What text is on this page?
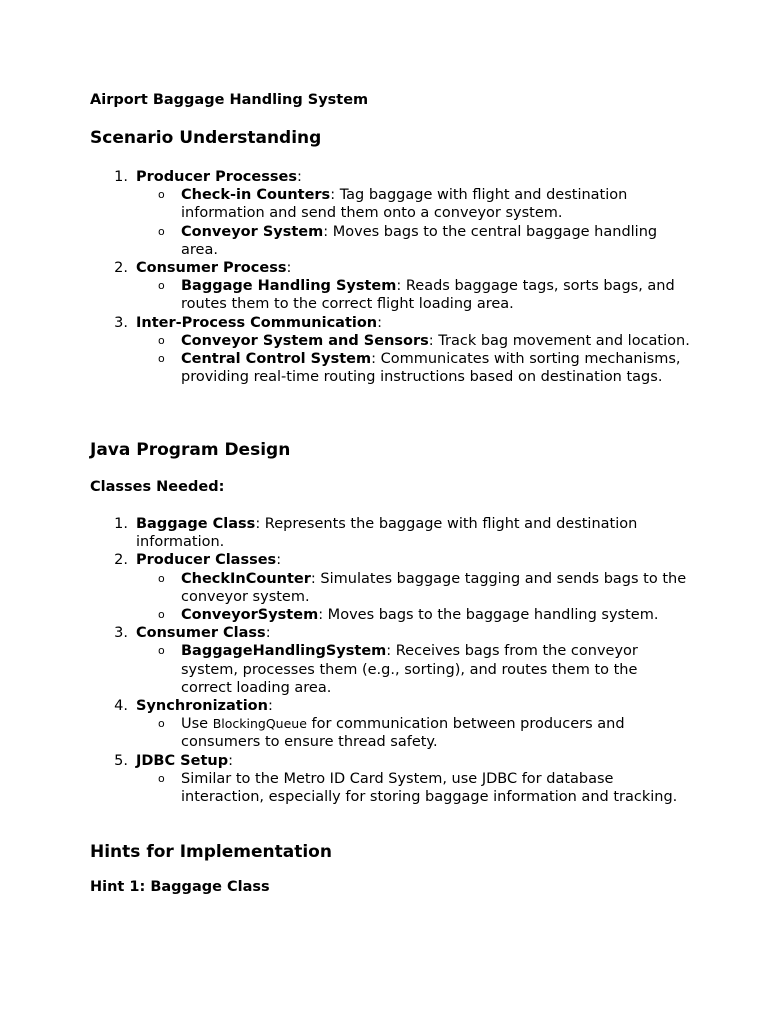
Airport Baggage Handling System

Scenario Understanding
1. Producer Processes:
o Check-in Counters: Tag baggage with flight and destination information and send them onto a conveyor system.
o Conveyor System: Moves bags to the central baggage handling area.
2. Consumer Process:
o Baggage Handling System: Reads baggage tags, sorts bags, and routes them to the correct flight loading area.
3. Inter-Process Communication:
o Conveyor System and Sensors: Track bag movement and location.
o Central Control System: Communicates with sorting mechanisms, providing real-time routing instructions based on destination tags.
Java Program Design
Classes Needed:
1. Baggage Class: Represents the baggage with flight and destination information.
2. Producer Classes:
o CheckInCounter: Simulates baggage tagging and sends bags to the conveyor system.
o ConveyorSystem: Moves bags to the baggage handling system.
3. Consumer Class:
o BaggageHandlingSystem: Receives bags from the conveyor system, processes them (e.g., sorting), and routes them to the correct loading area.
4. Synchronization:
o Use BlockingQueue for communication between producers and consumers to ensure thread safety.
5. JDBC Setup:
o Similar to the Metro ID Card System, use JDBC for database interaction, especially for storing baggage information and tracking.
Hints for Implementation
Hint 1: Baggage Class
